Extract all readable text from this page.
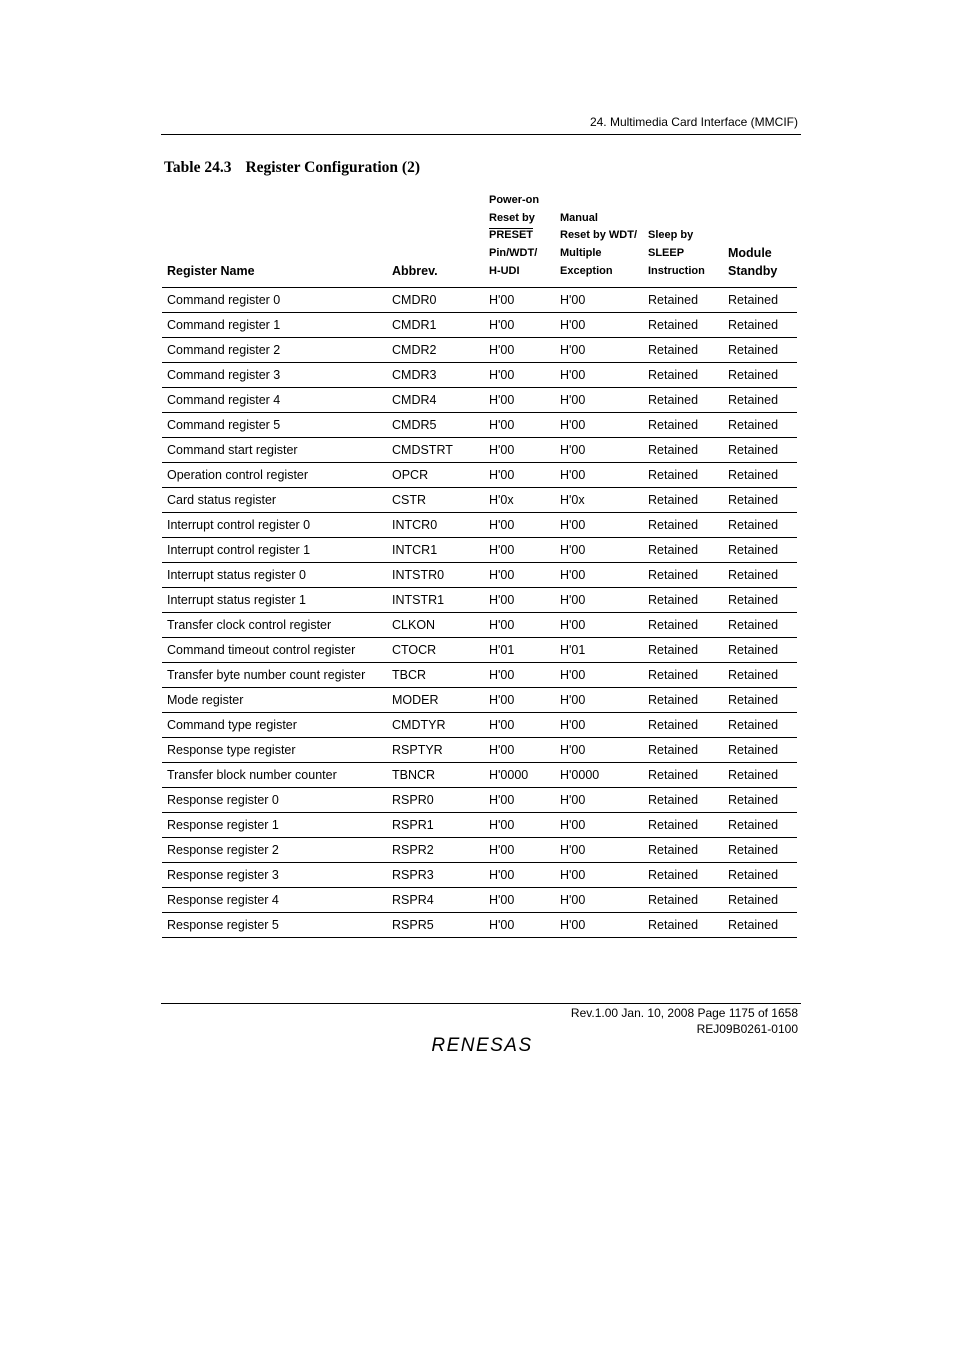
24. Multimedia Card Interface (MMCIF)
Table 24.3 Register Configuration (2)
Register Name	Abbrev.	Power-on
Reset by
PRESET
Pin/WDT/
H-UDI	Manual
Reset by WDT/
Multiple
Exception	Sleep by
SLEEP
Instruction	Module
Standby

Command register 0	CMDR0	H'00	H'00	Retained	Retained
Command register 1	CMDR1	H'00	H'00	Retained	Retained
Command register 2	CMDR2	H'00	H'00	Retained	Retained
Command register 3	CMDR3	H'00	H'00	Retained	Retained
Command register 4	CMDR4	H'00	H'00	Retained	Retained
Command register 5	CMDR5	H'00	H'00	Retained	Retained
Command start register	CMDSTRT	H'00	H'00	Retained	Retained
Operation control register	OPCR	H'00	H'00	Retained	Retained
Card status register	CSTR	H'0x	H'0x	Retained	Retained
Interrupt control register 0	INTCR0	H'00	H'00	Retained	Retained
Interrupt control register 1	INTCR1	H'00	H'00	Retained	Retained
Interrupt status register 0	INTSTR0	H'00	H'00	Retained	Retained
Interrupt status register 1	INTSTR1	H'00	H'00	Retained	Retained
Transfer clock control register	CLKON	H'00	H'00	Retained	Retained
Command timeout control register	CTOCR	H'01	H'01	Retained	Retained
Transfer byte number count register	TBCR	H'00	H'00	Retained	Retained
Mode register	MODER	H'00	H'00	Retained	Retained
Command type register	CMDTYR	H'00	H'00	Retained	Retained
Response type register	RSPTYR	H'00	H'00	Retained	Retained
Transfer block number counter	TBNCR	H'0000	H'0000	Retained	Retained
Response register 0	RSPR0	H'00	H'00	Retained	Retained
Response register 1	RSPR1	H'00	H'00	Retained	Retained
Response register 2	RSPR2	H'00	H'00	Retained	Retained
Response register 3	RSPR3	H'00	H'00	Retained	Retained
Response register 4	RSPR4	H'00	H'00	Retained	Retained
Response register 5	RSPR5	H'00	H'00	Retained	Retained
Rev.1.00 Jan. 10, 2008 Page 1175 of 1658
REJ09B0261-0100
RENESAS
